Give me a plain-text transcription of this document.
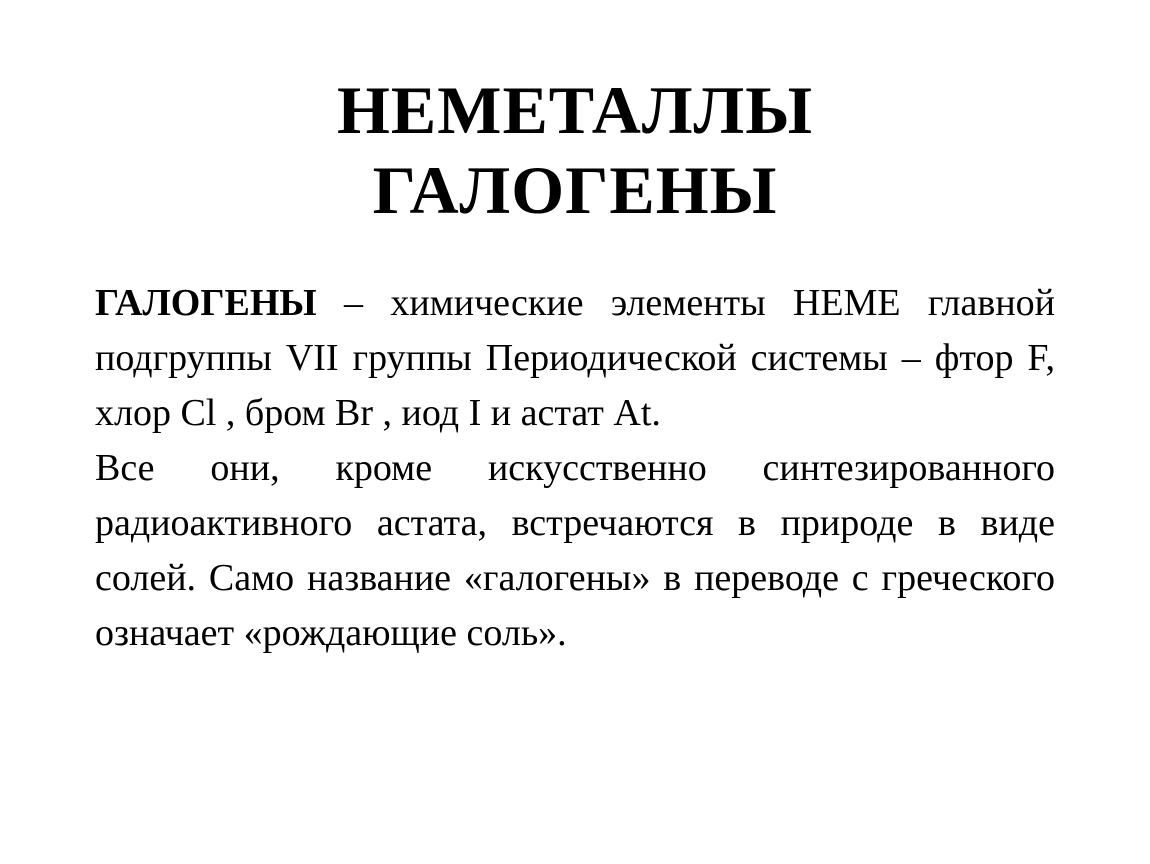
НЕМЕТАЛЛЫ
ГАЛОГЕНЫ

ГАЛОГЕНЫ – химические элементы НЕМЕ главной подгруппы VII группы Периодической системы – фтор F, хлор Cl , бром Br , иод I и астат At.

Все они, кроме искусственно синтезированного радиоактивного астата, встречаются в природе в виде солей. Само название «галогены» в переводе с греческого означает «рождающие соль».
